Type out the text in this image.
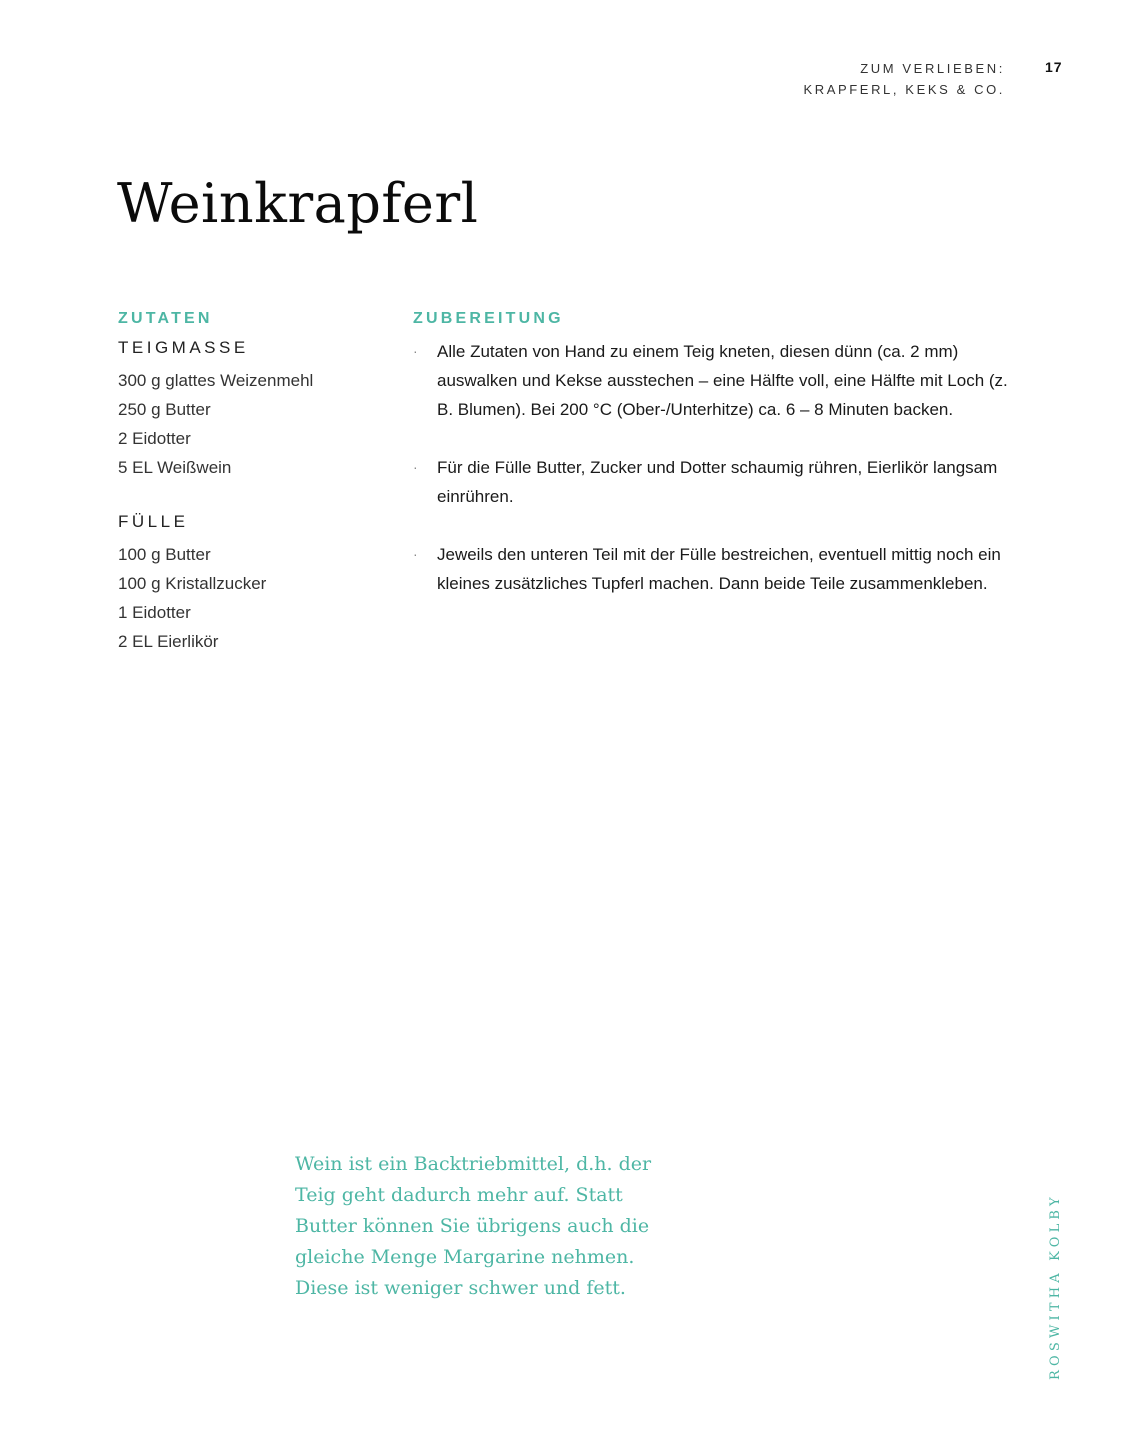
ZUM VERLIEBEN:
KRAPFERL, KEKS & CO.
17
Weinkrapferl
ZUTATEN
TEIGMASSE
300 g glattes Weizenmehl
250 g Butter
2 Eidotter
5 EL Weißwein
FÜLLE
100 g Butter
100 g Kristallzucker
1 Eidotter
2 EL Eierlikör
ZUBEREITUNG
· Alle Zutaten von Hand zu einem Teig kneten, diesen dünn (ca. 2 mm) auswalken und Kekse ausstechen – eine Hälfte voll, eine Hälfte mit Loch (z. B. Blumen). Bei 200 °C (Ober-/Unterhitze) ca. 6 – 8 Minuten backen.
· Für die Fülle Butter, Zucker und Dotter schaumig rühren, Eierlikör langsam einrühren.
· Jeweils den unteren Teil mit der Fülle bestreichen, eventuell mittig noch ein kleines zusätzliches Tupferl machen. Dann beide Teile zusammenkleben.

Wein ist ein Backtriebmittel, d.h. der Teig geht dadurch mehr auf. Statt Butter können Sie übrigens auch die gleiche Menge Margarine nehmen. Diese ist weniger schwer und fett.	ROSWITHA KOLBY
